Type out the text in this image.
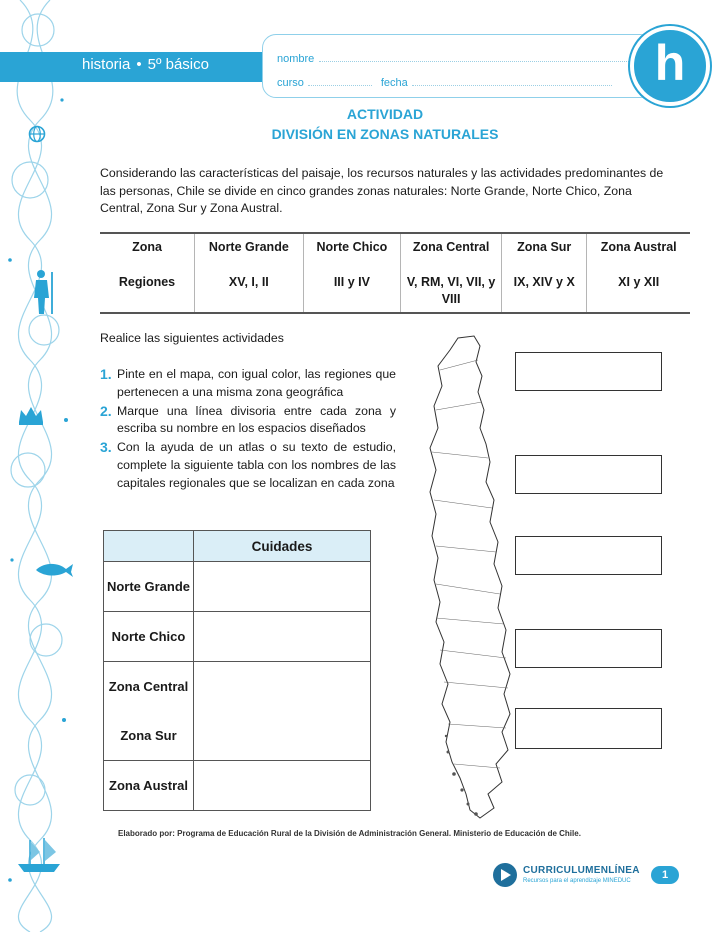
historia • 5º básico	nombre
curso	fecha	h
ACTIVIDAD
DIVISIÓN EN ZONAS NATURALES
Considerando las características del paisaje, los recursos naturales y las actividades predominantes de las personas, Chile se divide en cinco grandes zonas naturales: Norte Grande, Norte Chico, Zona Central, Zona Sur y Zona Austral.
Zona	Norte Grande	Norte Chico	Zona Central	Zona Sur	Zona Austral
Regiones	XV, I, II	III y IV	V, RM, VI, VII, y VIII	IX, XIV y X	XI y XII
Realice las siguientes actividades
1. Pinte en el mapa, con igual color, las regiones que pertenecen a una misma zona geográfica
2. Marque una línea divisoria entre cada zona y escriba su nombre en los espacios diseñados
3. Con la ayuda de un atlas o su texto de estudio, complete la siguiente tabla con los nombres de las capitales regionales que se localizan en cada zona
	Cuidades
Norte Grande	
Norte Chico	
Zona Central	
Zona Sur	
Zona Austral	
Elaborado por: Programa de Educación Rural de la División de Administración General. Ministerio de Educación de Chile.
CURRICULUMENLÍNEA
Recursos para el aprendizaje MINEDUC	1
